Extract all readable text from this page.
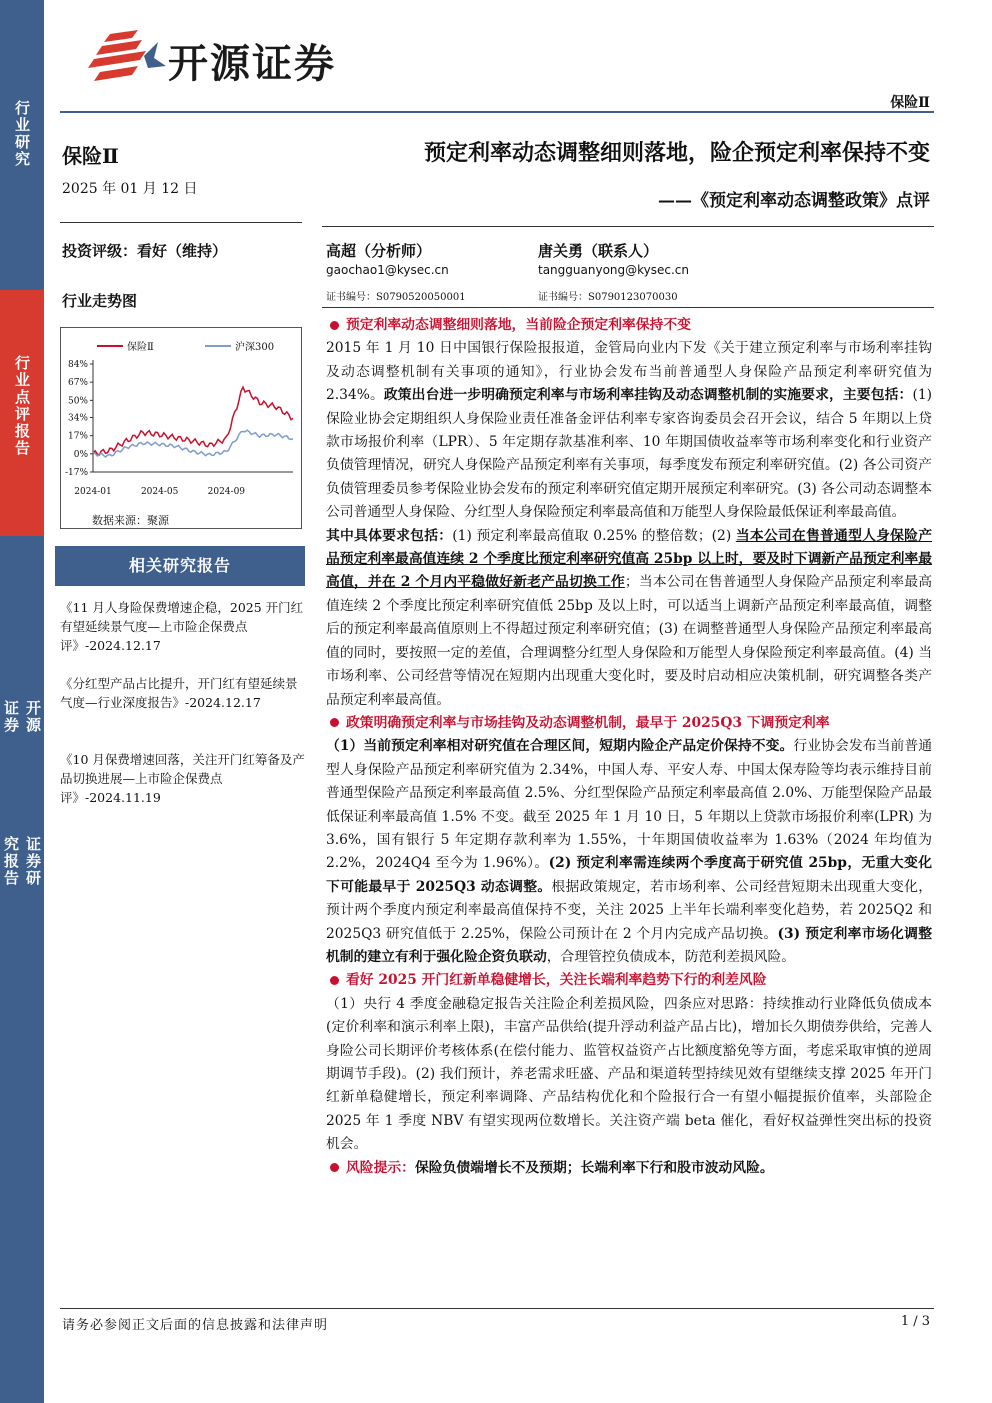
行业研究
行业点评报告
开源证券
证券研究报告
开源证券
保险Ⅱ
保险Ⅱ
2025 年 01 月 12 日
投资评级：看好（维持）
行业走势图
84%
67%
50%
34%
17%
0%
-17%
2024-01	2024-05	2024-09
保险Ⅱ	沪深300
数据来源：聚源
相关研究报告
《11 月人身险保费增速企稳，2025 开门红有望延续景气度—上市险企保费点评》-2024.12.17
《分红型产品占比提升，开门红有望延续景气度—行业深度报告》-2024.12.17
《10 月保费增速回落，关注开门红筹备及产品切换进展—上市险企保费点评》-2024.11.19
预定利率动态调整细则落地，险企预定利率保持不变
——《预定利率动态调整政策》点评
高超（分析师）
gaochao1@kysec.cn
证书编号：S0790520050001
唐关勇（联系人）
tangguanyong@kysec.cn
证书编号：S0790123070030

预定利率动态调整细则落地，当前险企预定利率保持不变

2015 年 1 月 10 日中国银行保险报报道，金管局向业内下发《关于建立预定利率与市场利率挂钩及动态调整机制有关事项的通知》，行业协会发布当前普通型人身保险产品预定利率研究值为 2.34%。政策出台进一步明确预定利率与市场利率挂钩及动态调整机制的实施要求，主要包括：(1) 保险业协会定期组织人身保险业责任准备金评估利率专家咨询委员会召开会议，结合 5 年期以上贷款市场报价利率（LPR）、5 年定期存款基准利率、10 年期国债收益率等市场利率变化和行业资产负债管理情况，研究人身保险产品预定利率有关事项，每季度发布预定利率研究值。(2) 各公司资产负债管理委员参考保险业协会发布的预定利率研究值定期开展预定利率研究。(3) 各公司动态调整本公司普通型人身保险、分红型人身保险预定利率最高值和万能型人身保险最低保证利率最高值。

其中具体要求包括：(1) 预定利率最高值取 0.25% 的整倍数；(2) 当本公司在售普通型人身保险产品预定利率最高值连续 2 个季度比预定利率研究值高 25bp 以上时，要及时下调新产品预定利率最高值，并在 2 个月内平稳做好新老产品切换工作；当本公司在售普通型人身保险产品预定利率最高值连续 2 个季度比预定利率研究值低 25bp 及以上时，可以适当上调新产品预定利率最高值，调整后的预定利率最高值原则上不得超过预定利率研究值；(3) 在调整普通型人身保险产品预定利率最高值的同时，要按照一定的差值，合理调整分红型人身保险和万能型人身保险预定利率最高值。(4) 当市场利率、公司经营等情况在短期内出现重大变化时，要及时启动相应决策机制，研究调整各类产品预定利率最高值。

政策明确预定利率与市场挂钩及动态调整机制，最早于 2025Q3 下调预定利率

（1）当前预定利率相对研究值在合理区间，短期内险企产品定价保持不变。行业协会发布当前普通型人身保险产品预定利率研究值为 2.34%，中国人寿、平安人寿、中国太保寿险等均表示维持目前普通型保险产品预定利率最高值 2.5%、分红型保险产品预定利率最高值 2.0%、万能型保险产品最低保证利率最高值 1.5% 不变。截至 2025 年 1 月 10 日，5 年期以上贷款市场报价利率(LPR) 为 3.6%，国有银行 5 年定期存款利率为 1.55%，十年期国债收益率为 1.63%（2024 年均值为 2.2%，2024Q4 至今为 1.96%）。(2) 预定利率需连续两个季度高于研究值 25bp，无重大变化下可能最早于 2025Q3 动态调整。根据政策规定，若市场利率、公司经营短期未出现重大变化，预计两个季度内预定利率最高值保持不变，关注 2025 上半年长端利率变化趋势，若 2025Q2 和 2025Q3 研究值低于 2.25%，保险公司预计在 2 个月内完成产品切换。(3) 预定利率市场化调整机制的建立有利于强化险企资负联动，合理管控负债成本，防范利差损风险。

看好 2025 开门红新单稳健增长，关注长端利率趋势下行的利差风险

（1）央行 4 季度金融稳定报告关注险企利差损风险，四条应对思路：持续推动行业降低负债成本(定价利率和演示利率上限)，丰富产品供给(提升浮动利益产品占比)，增加长久期债券供给，完善人身险公司长期评价考核体系(在偿付能力、监管权益资产占比额度豁免等方面，考虑采取审慎的逆周期调节手段)。(2) 我们预计，养老需求旺盛、产品和渠道转型持续见效有望继续支撑 2025 年开门红新单稳健增长，预定利率调降、产品结构优化和个险报行合一有望小幅提振价值率，头部险企 2025 年 1 季度 NBV 有望实现两位数增长。关注资产端 beta 催化，看好权益弹性突出标的投资机会。

风险提示：保险负债端增长不及预期；长端利率下行和股市波动风险。

请务必参阅正文后面的信息披露和法律声明	1 / 3
